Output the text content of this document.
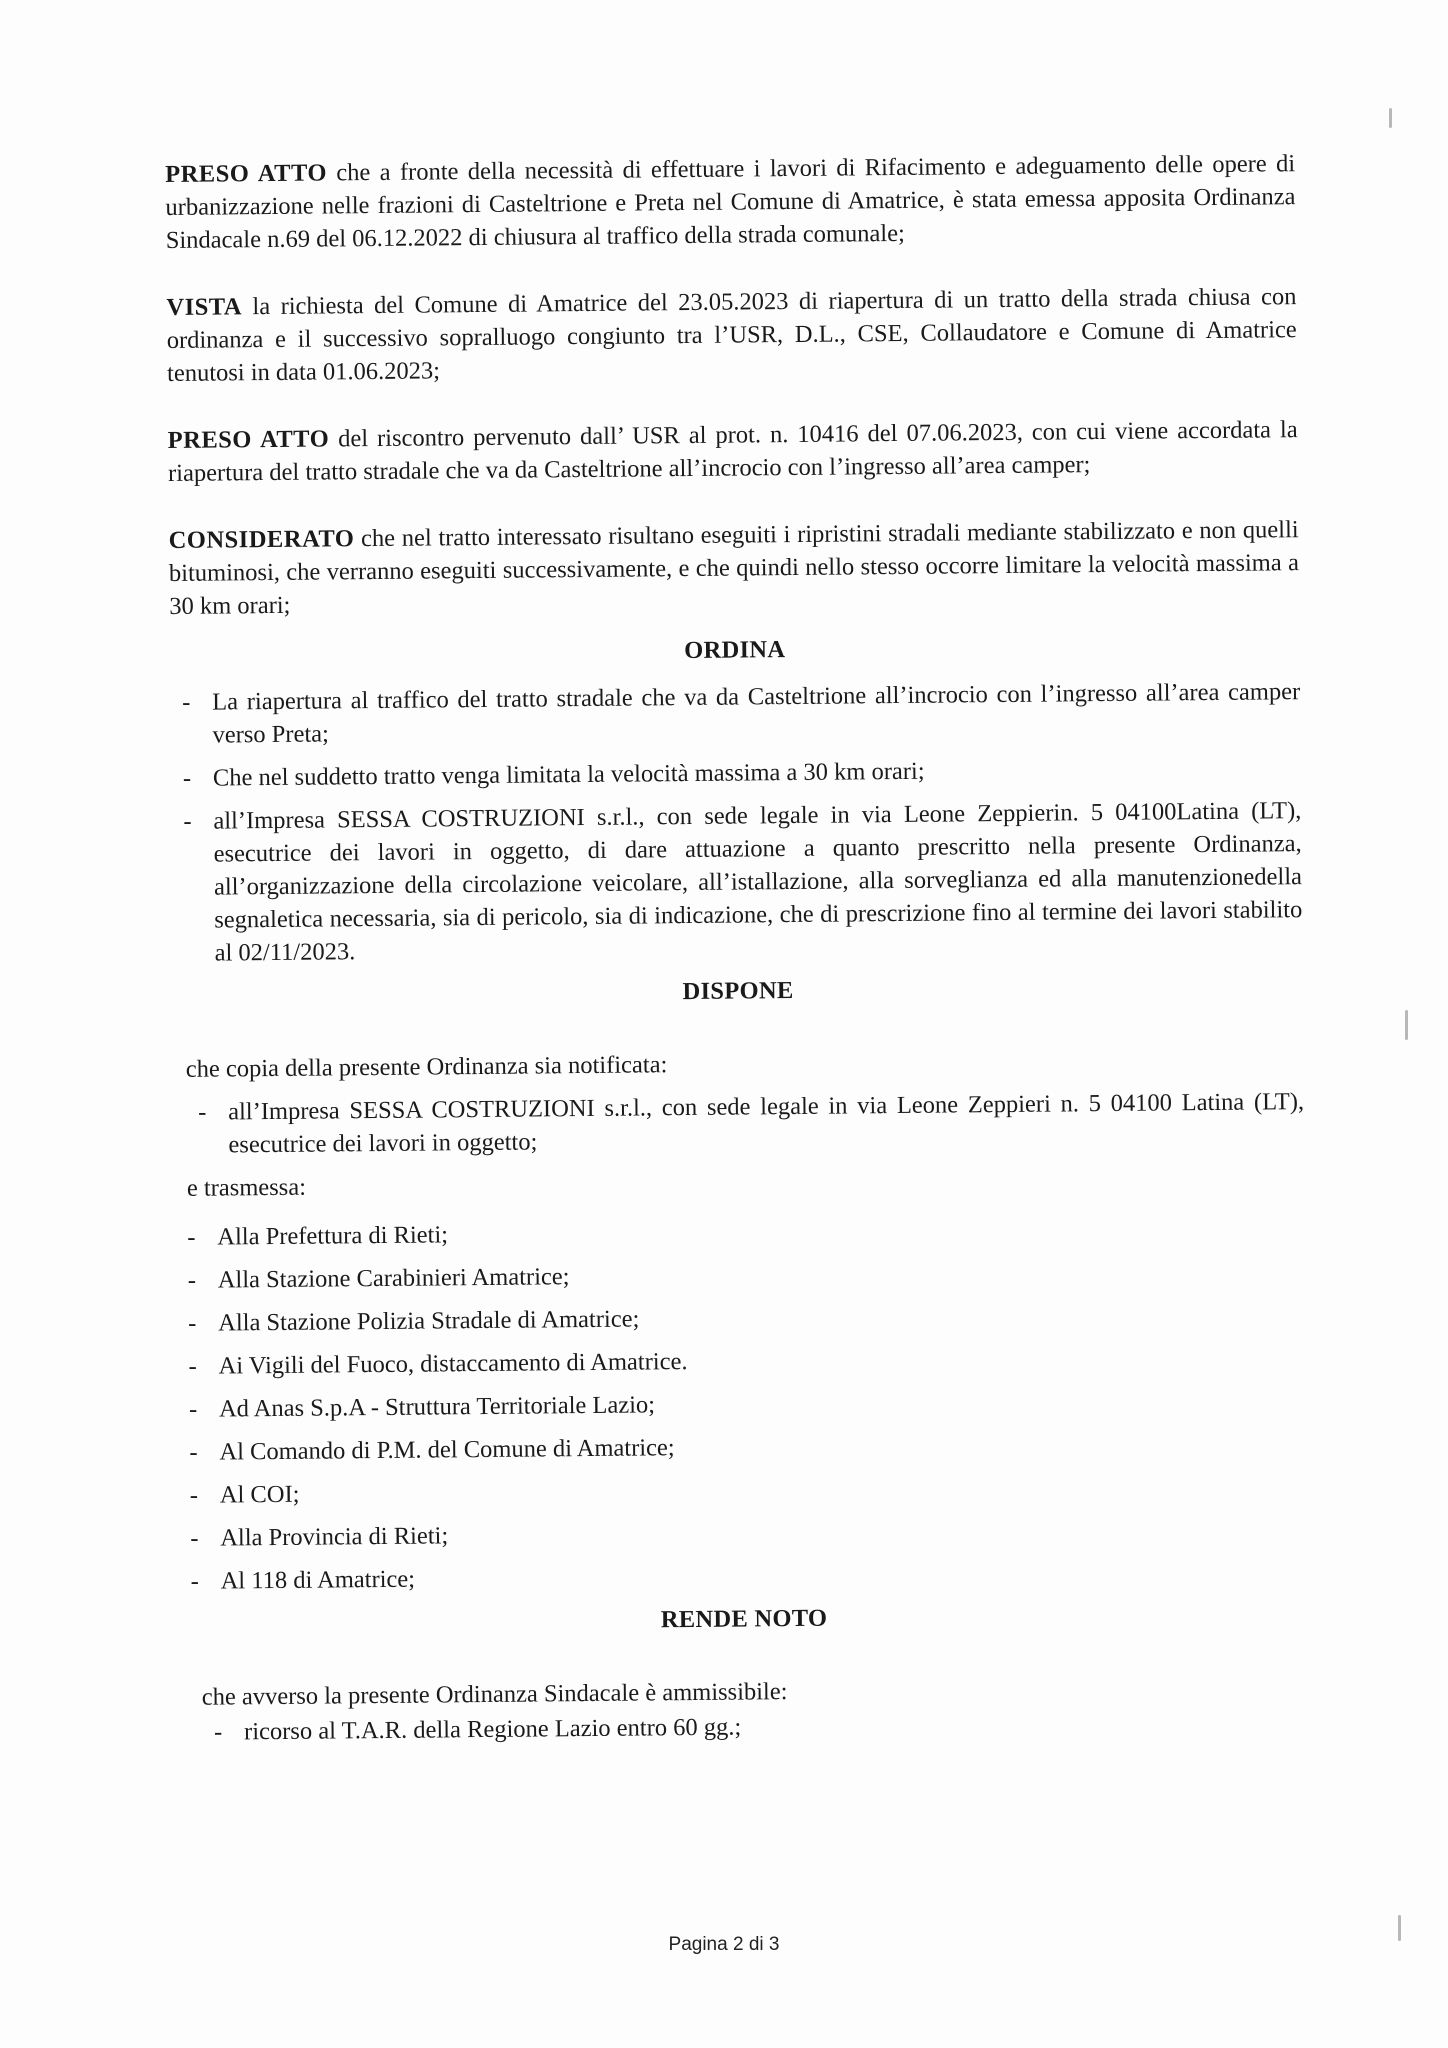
PRESO ATTO che a fronte della necessità di effettuare i lavori di Rifacimento e adeguamento delle opere di urbanizzazione nelle frazioni di Casteltrione e Preta nel Comune di Amatrice, è stata emessa apposita Ordinanza Sindacale n.69 del 06.12.2022 di chiusura al traffico della strada comunale;

VISTA la richiesta del Comune di Amatrice del 23.05.2023 di riapertura di un tratto della strada chiusa con ordinanza e il successivo sopralluogo congiunto tra l’USR, D.L., CSE, Collaudatore e Comune di Amatrice tenutosi in data 01.06.2023;

PRESO ATTO del riscontro pervenuto dall’ USR al prot. n. 10416 del 07.06.2023, con cui viene accordata la riapertura del tratto stradale che va da Casteltrione all’incrocio con l’ingresso all’area camper;

CONSIDERATO che nel tratto interessato risultano eseguiti i ripristini stradali mediante stabilizzato e non quelli bituminosi, che verranno eseguiti successivamente, e che quindi nello stesso occorre limitare la velocità massima a 30 km orari;

ORDINA
- La riapertura al traffico del tratto stradale che va da Casteltrione all’incrocio con l’ingresso all’area camper verso Preta;
- Che nel suddetto tratto venga limitata la velocità massima a 30 km orari;
- all’Impresa SESSA COSTRUZIONI s.r.l., con sede legale in via Leone Zeppierin. 5 04100Latina (LT), esecutrice dei lavori in oggetto, di dare attuazione a quanto prescritto nella presente Ordinanza, all’organizzazione della circolazione veicolare, all’istallazione, alla sorveglianza ed alla manutenzionedella segnaletica necessaria, sia di pericolo, sia di indicazione, che di prescrizione fino al termine dei lavori stabilito al 02/11/2023.
DISPONE

che copia della presente Ordinanza sia notificata:

- all’Impresa SESSA COSTRUZIONI s.r.l., con sede legale in via Leone Zeppieri n. 5 04100 Latina (LT), esecutrice dei lavori in oggetto;

e trasmessa:

- Alla Prefettura di Rieti;
- Alla Stazione Carabinieri Amatrice;
- Alla Stazione Polizia Stradale di Amatrice;
- Ai Vigili del Fuoco, distaccamento di Amatrice.
- Ad Anas S.p.A - Struttura Territoriale Lazio;
- Al Comando di P.M. del Comune di Amatrice;
- Al COI;
- Alla Provincia di Rieti;
- Al 118 di Amatrice;
RENDE NOTO

che avverso la presente Ordinanza Sindacale è ammissibile:

- ricorso al T.A.R. della Regione Lazio entro 60 gg.;
Pagina 2 di 3
